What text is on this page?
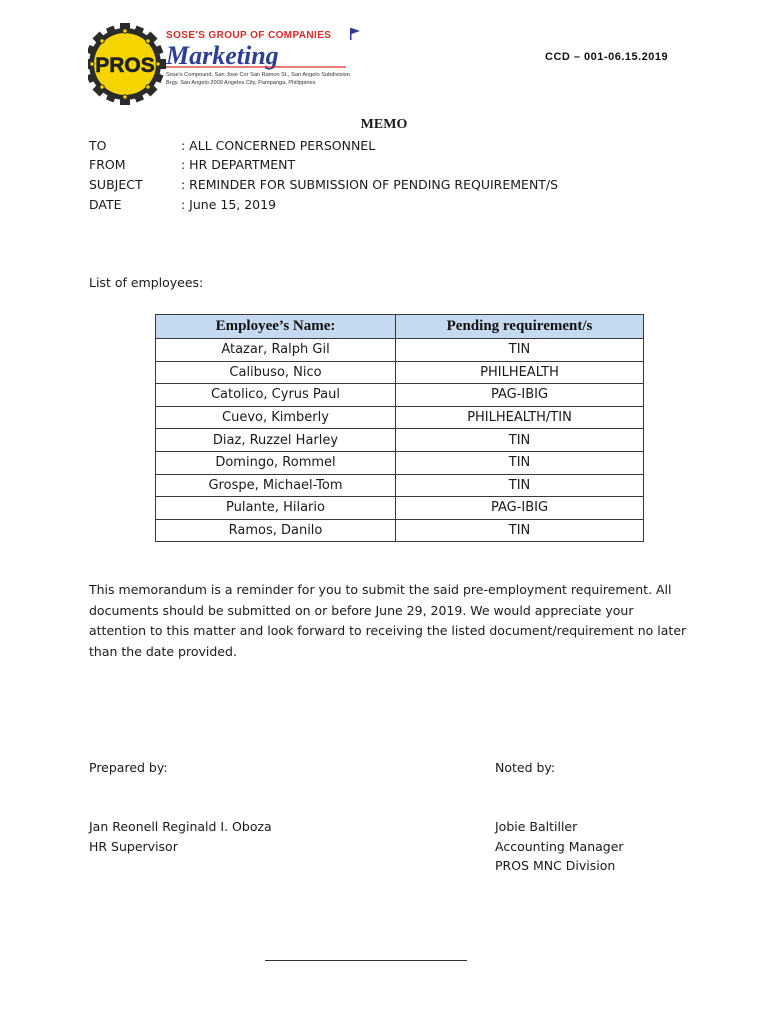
PROS
SOSE'S GROUP OF COMPANIES
Marketing
Sose's Compound, San Jose Cor San Ramon St., San Angelo Subdivision
Brgy. San Angelo 2009 Angeles City, Pampanga, Philippines
CCD – 001-06.15.2019
MEMO
TO	: ALL CONCERNED PERSONNEL
FROM	: HR DEPARTMENT
SUBJECT	: REMINDER FOR SUBMISSION OF PENDING REQUIREMENT/S
DATE	: June 15, 2019
List of employees:
Employee’s Name:	Pending requirement/s
Atazar, Ralph Gil	TIN
Calibuso, Nico	PHILHEALTH
Catolico, Cyrus Paul	PAG-IBIG
Cuevo, Kimberly	PHILHEALTH/TIN
Diaz, Ruzzel Harley	TIN
Domingo, Rommel	TIN
Grospe, Michael-Tom	TIN
Pulante, Hilario	PAG-IBIG
Ramos, Danilo	TIN
This memorandum is a reminder for you to submit the said pre-employment requirement. All
documents should be submitted on or before June 29, 2019. We would appreciate your
attention to this matter and look forward to receiving the listed document/requirement no later
than the date provided.
Prepared by:	Noted by:
Jan Reonell Reginald I. Oboza
HR Supervisor
Jobie Baltiller
Accounting Manager
PROS MNC Division
